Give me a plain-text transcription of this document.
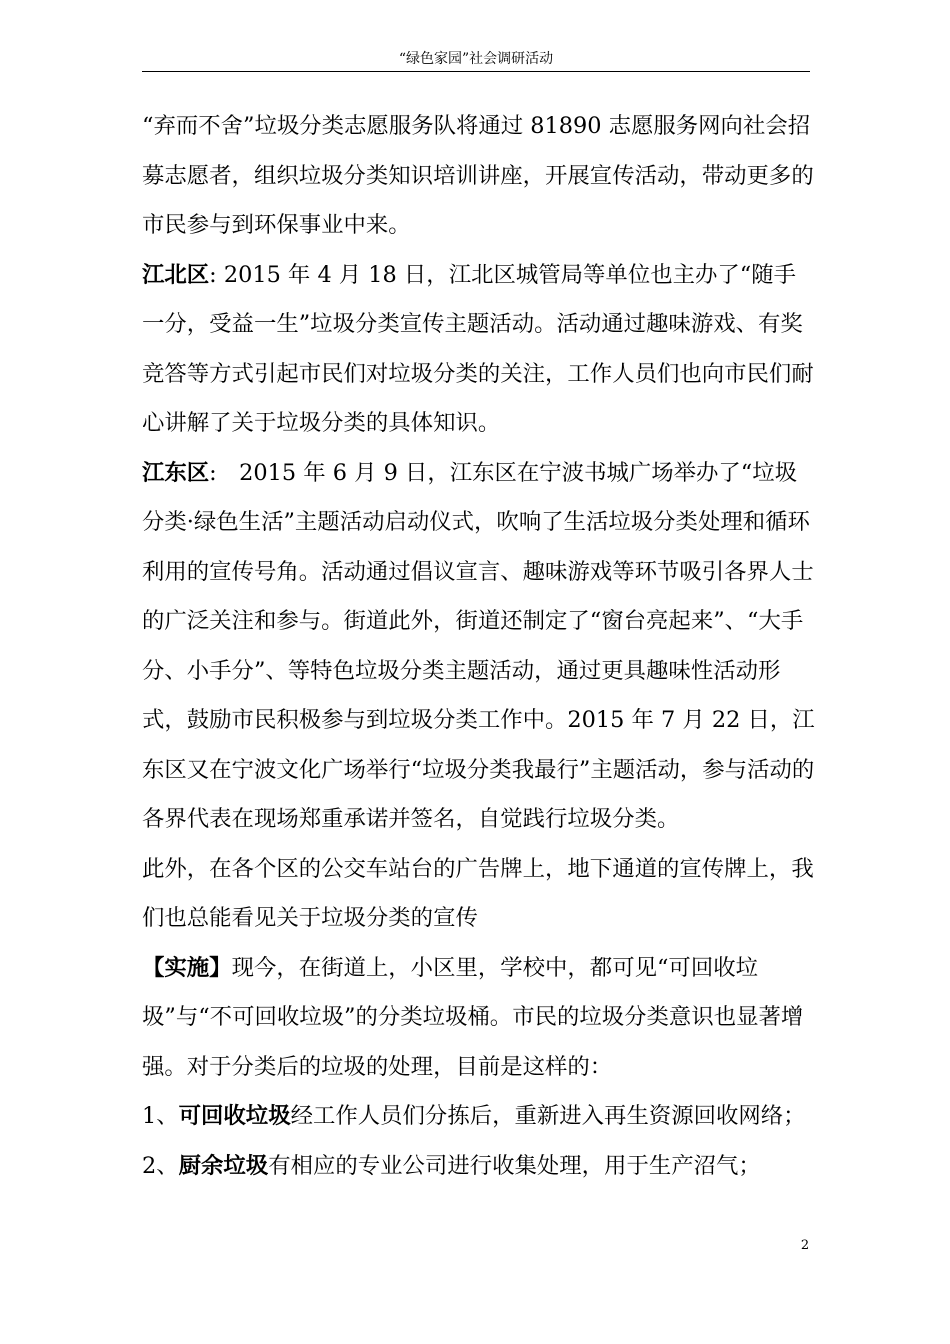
“绿色家园”社会调研活动

“弃而不舍”垃圾分类志愿服务队将通过 81890 志愿服务网向社会招募志愿者，组织垃圾分类知识培训讲座，开展宣传活动，带动更多的市民参与到环保事业中来。

江北区: 2015 年 4 月 18 日，江北区城管局等单位也主办了“随手一分，受益一生”垃圾分类宣传主题活动。活动通过趣味游戏、有奖竞答等方式引起市民们对垃圾分类的关注，工作人员们也向市民们耐心讲解了关于垃圾分类的具体知识。

江东区:　2015 年 6 月 9 日，江东区在宁波书城广场举办了“垃圾分类·绿色生活”主题活动启动仪式，吹响了生活垃圾分类处理和循环利用的宣传号角。活动通过倡议宣言、趣味游戏等环节吸引各界人士的广泛关注和参与。街道此外，街道还制定了“窗台亮起来”、“大手分、小手分”、等特色垃圾分类主题活动，通过更具趣味性活动形式，鼓励市民积极参与到垃圾分类工作中。2015 年 7 月 22 日，江东区又在宁波文化广场举行“垃圾分类我最行”主题活动，参与活动的各界代表在现场郑重承诺并签名，自觉践行垃圾分类。

此外，在各个区的公交车站台的广告牌上，地下通道的宣传牌上，我们也总能看见关于垃圾分类的宣传

【实施】现今，在街道上，小区里，学校中，都可见“可回收垃圾”与“不可回收垃圾”的分类垃圾桶。市民的垃圾分类意识也显著增强。对于分类后的垃圾的处理，目前是这样的：

1、可回收垃圾经工作人员们分拣后，重新进入再生资源回收网络；

2、厨余垃圾有相应的专业公司进行收集处理，用于生产沼气；

2
